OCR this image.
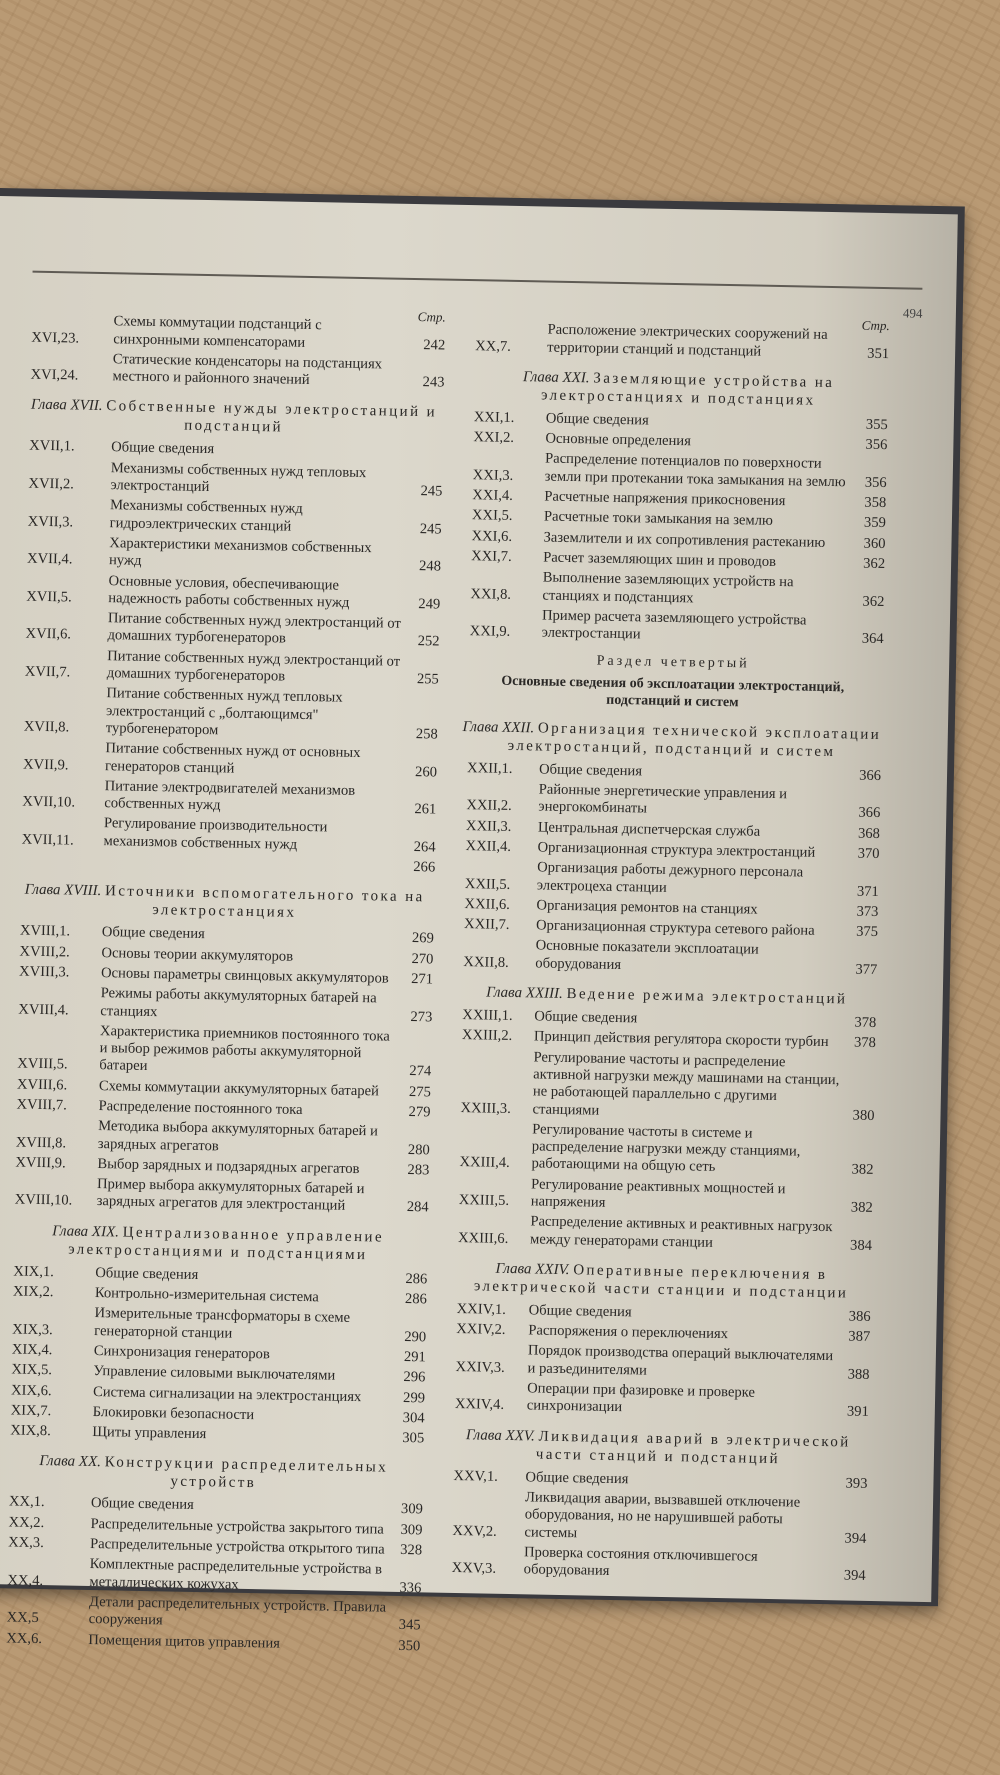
494
Стр.
XVI,23.
Схемы коммутации подстанций с синхронными компенсаторами	242
XVI,24.
Статические конденсаторы на подстанциях местного и районного значений	243
Глава XVII. Собственные нужды электростанций и подстанций
XVII,1.	Общие сведения
XVII,2.
Механизмы собственных нужд тепловых электростанций	245
XVII,3.
Механизмы собственных нужд гидроэлектрических станций	245
XVII,4.
Характеристики механизмов собственных нужд	248
XVII,5.
Основные условия, обеспечивающие надежность работы собственных нужд	249
XVII,6.
Питание собственных нужд электростанций от домашних турбогенераторов	252
XVII,7.
Питание собственных нужд электростанций от домашних турбогенераторов	255
XVII,8.
Питание собственных нужд тепловых электростанций с „болтающимся" турбогенератором	258
XVII,9.
Питание собственных нужд от основных генераторов станций	260
XVII,10.
Питание электродвигателей механизмов собственных нужд	261
XVII,11.
Регулирование производительности механизмов собственных нужд	264
266
Глава XVIII. Источники вспомогательного тока на электростанциях
XVIII,1.	Общие сведения	269
XVIII,2.	Основы теории аккумуляторов	270
XVIII,3.	Основы параметры свинцовых аккумуляторов	271
XVIII,4.
Режимы работы аккумуляторных батарей на станциях	273
XVIII,5.
Характеристика приемников постоянного тока и выбор режимов работы аккумуляторной батареи	274
XVIII,6.	Схемы коммутации аккумуляторных батарей	275
XVIII,7.	Распределение постоянного тока	279
XVIII,8.
Методика выбора аккумуляторных батарей и зарядных агрегатов	280
XVIII,9.	Выбор зарядных и подзарядных агрегатов	283
XVIII,10.
Пример выбора аккумуляторных батарей и зарядных агрегатов для электростанций	284
Глава XIX. Централизованное управление электростанциями и подстанциями
XIX,1.	Общие сведения	286
XIX,2.	Контрольно-измерительная система	286
XIX,3.
Измерительные трансформаторы в схеме генераторной станции	290
XIX,4.	Синхронизация генераторов	291
XIX,5.	Управление силовыми выключателями	296
XIX,6.	Система сигнализации на электростанциях	299
XIX,7.	Блокировки безопасности	304
XIX,8.	Щиты управления	305
Глава XX. Конструкции распределительных устройств
XX,1.	Общие сведения	309
XX,2.	Распределительные устройства закрытого типа	309
XX,3.	Распределительные устройства открытого типа	328
XX,4.
Комплектные распределительные устройства в металлических кожухах	336
XX,5
Детали распределительных устройств. Правила сооружения	345
XX,6.	Помещения щитов управления	350
Стр.
XX,7.
Расположение электрических сооружений на территории станций и подстанций	351
Глава XXI. Заземляющие устройства на электростанциях и подстанциях
XXI,1.	Общие сведения	355
XXI,2.	Основные определения	356
XXI,3.
Распределение потенциалов по поверхности земли при протекании тока замыкания на землю	356
XXI,4.	Расчетные напряжения прикосновения	358
XXI,5.	Расчетные токи замыкания на землю	359
XXI,6.	Заземлители и их сопротивления растеканию	360
XXI,7.	Расчет заземляющих шин и проводов	362
XXI,8.
Выполнение заземляющих устройств на станциях и подстанциях	362
XXI,9.
Пример расчета заземляющего устройства электростанции	364
Раздел четвертый
Основные сведения об эксплоатации электростанций, подстанций и систем
Глава XXII. Организация технической эксплоатации электростанций, подстанций и систем
XXII,1.	Общие сведения	366
XXII,2.
Районные энергетические управления и энергокомбинаты	366
XXII,3.	Центральная диспетчерская служба	368
XXII,4.	Организационная структура электростанций	370
XXII,5.
Организация работы дежурного персонала электроцеха станции	371
XXII,6.	Организация ремонтов на станциях	373
XXII,7.	Организационная структура сетевого района	375
XXII,8.
Основные показатели эксплоатации оборудования	377
Глава XXIII. Ведение режима электростанций
XXIII,1.	Общие сведения	378
XXIII,2.	Принцип действия регулятора скорости турбин	378
XXIII,3.
Регулирование частоты и распределение активной нагрузки между машинами на станции, не работающей параллельно с другими станциями	380
XXIII,4.
Регулирование частоты в системе и распределение нагрузки между станциями, работающими на общую сеть	382
XXIII,5.
Регулирование реактивных мощностей и напряжения	382
XXIII,6.
Распределение активных и реактивных нагрузок между генераторами станции	384
Глава XXIV. Оперативные переключения в электрической части станции и подстанции
XXIV,1.	Общие сведения	386
XXIV,2.	Распоряжения о переключениях	387
XXIV,3.
Порядок производства операций выключателями и разъединителями	388
XXIV,4.
Операции при фазировке и проверке синхронизации	391
Глава XXV. Ликвидация аварий в электрической части станций и подстанций
XXV,1.	Общие сведения	393
XXV,2.
Ликвидация аварии, вызвавшей отключение оборудования, но не нарушившей работы системы	394
XXV,3.
Проверка состояния отключившегося оборудования	394
